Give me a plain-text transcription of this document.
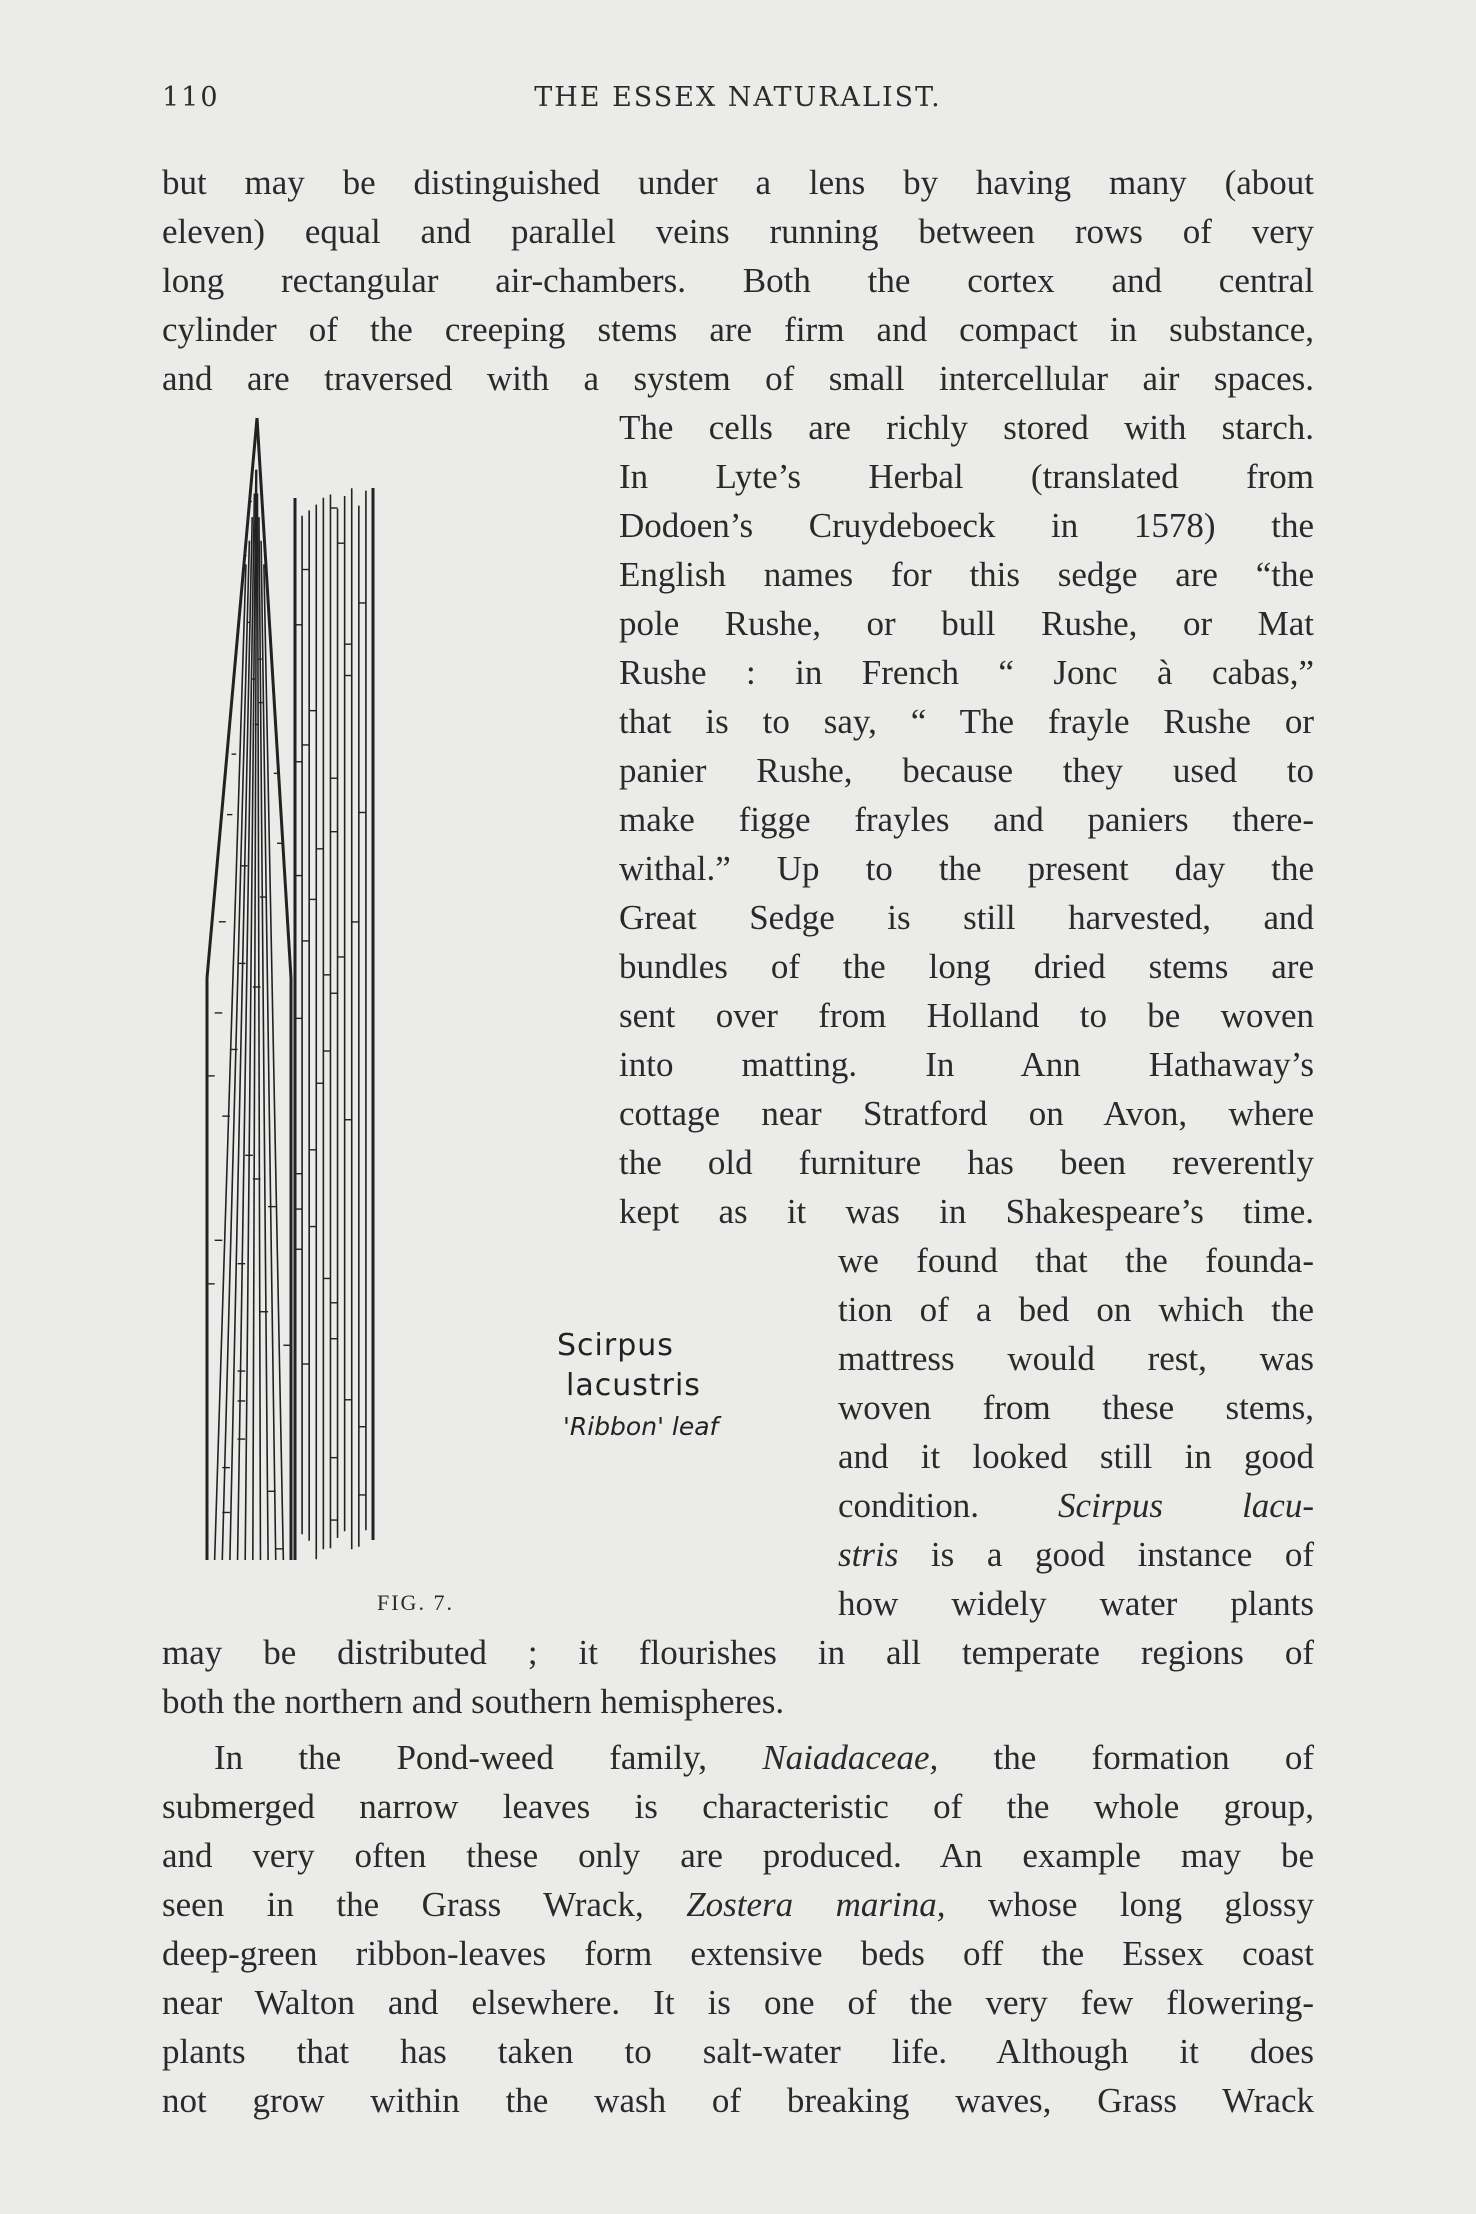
110	THE ESSEX NATURALIST.
but may be distinguished under a lens by having many (about
eleven) equal and parallel veins running between rows of very
long rectangular air-chambers. Both the cortex and central
cylinder of the creeping stems are firm and compact in substance,
and are traversed with a system of small intercellular air spaces.
The cells are richly stored with starch.
In Lyte’s Herbal (translated from
Dodoen’s Cruydeboeck in 1578) the
English names for this sedge are “the
pole Rushe, or bull Rushe, or Mat
Rushe : in French “ Jonc à cabas,”
that is to say, “ The frayle Rushe or
panier Rushe, because they used to
make figge frayles and paniers there-
withal.” Up to the present day the
Great Sedge is still harvested, and
bundles of the long dried stems are
sent over from Holland to be woven
into matting. In Ann Hathaway’s
cottage near Stratford on Avon, where
the old furniture has been reverently
kept as it was in Shakespeare’s time.
we found that the founda-
tion of a bed on which the
mattress would rest, was
woven from these stems,
and it looked still in good
condition. Scirpus lacu-
stris is a good instance of
how widely water plants
may be distributed ; it flourishes in all temperate regions of
both the northern and southern hemispheres.
In the Pond-weed family, Naiadaceae, the formation of
submerged narrow leaves is characteristic of the whole group,
and very often these only are produced. An example may be
seen in the Grass Wrack, Zostera marina, whose long glossy
deep-green ribbon-leaves form extensive beds off the Essex coast
near Walton and elsewhere. It is one of the very few flowering-
plants that has taken to salt-water life. Although it does
not grow within the wash of breaking waves, Grass Wrack
FIG. 7.
Scirpus
lacustris
'Ribbon' leaf
